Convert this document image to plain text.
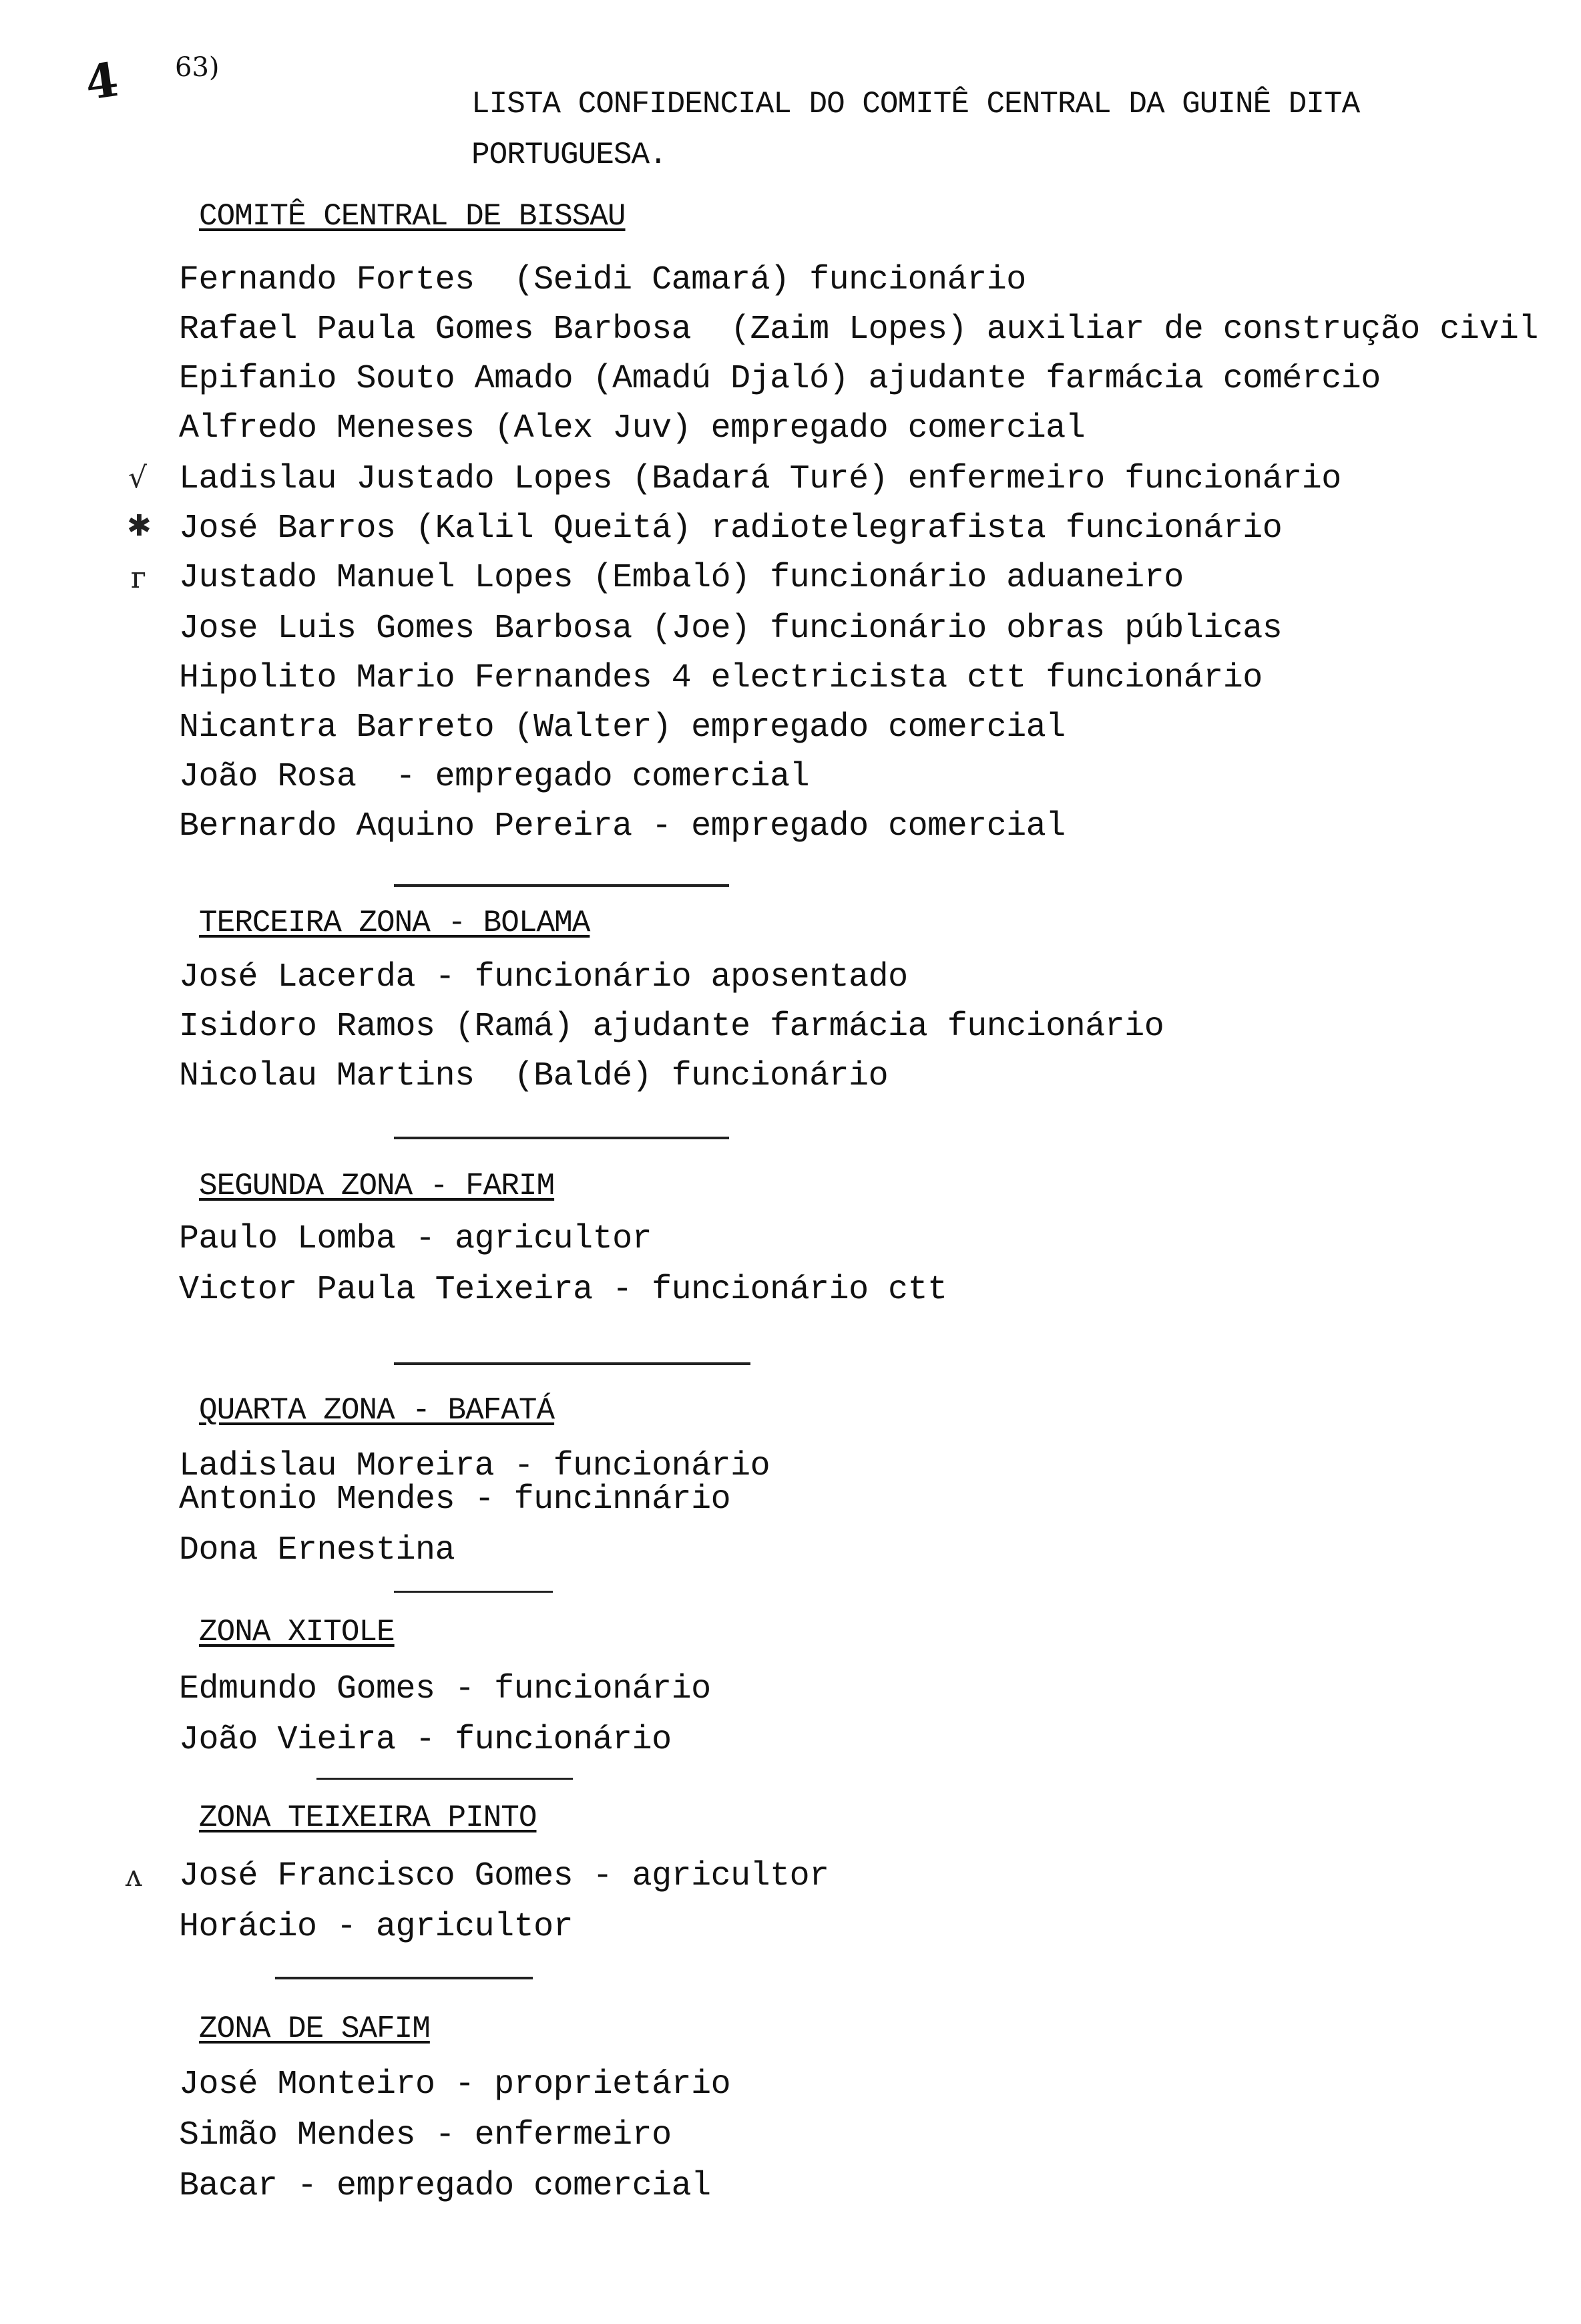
4 63)
LISTA CONFIDENCIAL DO COMITÊ CENTRAL DA GUINÊ DITA
PORTUGUESA.
COMITÊ CENTRAL DE BISSAU
Fernando Fortes  (Seidi Camará) funcionário
Rafael Paula Gomes Barbosa  (Zaim Lopes) auxiliar de construção civil
Epifanio Souto Amado (Amadú Djaló) ajudante farmácia comércio
Alfredo Meneses (Alex Juv) empregado comercial
√ Ladislau Justado Lopes (Badará Turé) enfermeiro funcionário
✱ José Barros (Kalil Queitá) radiotelegrafista funcionário
ᴦ Justado Manuel Lopes (Embaló) funcionário aduaneiro
Jose Luis Gomes Barbosa (Joe) funcionário obras públicas
Hipolito Mario Fernandes 4 electricista ctt funcionário
Nicantra Barreto (Walter) empregado comercial
João Rosa  - empregado comercial
Bernardo Aquino Pereira - empregado comercial
TERCEIRA ZONA - BOLAMA
José Lacerda - funcionário aposentado
Isidoro Ramos (Ramá) ajudante farmácia funcionário
Nicolau Martins  (Baldé) funcionário
SEGUNDA ZONA - FARIM
Paulo Lomba - agricultor
Victor Paula Teixeira - funcionário ctt
QUARTA ZONA - BAFATÁ
Ladislau Moreira - funcionário
Antonio Mendes - funcinnário
Dona Ernestina
ZONA XITOLE
Edmundo Gomes - funcionário
João Vieira - funcionário
ZONA TEIXEIRA PINTO
ᴧ José Francisco Gomes - agricultor
Horácio - agricultor
ZONA DE SAFIM
José Monteiro - proprietário
Simão Mendes - enfermeiro
Bacar - empregado comercial
